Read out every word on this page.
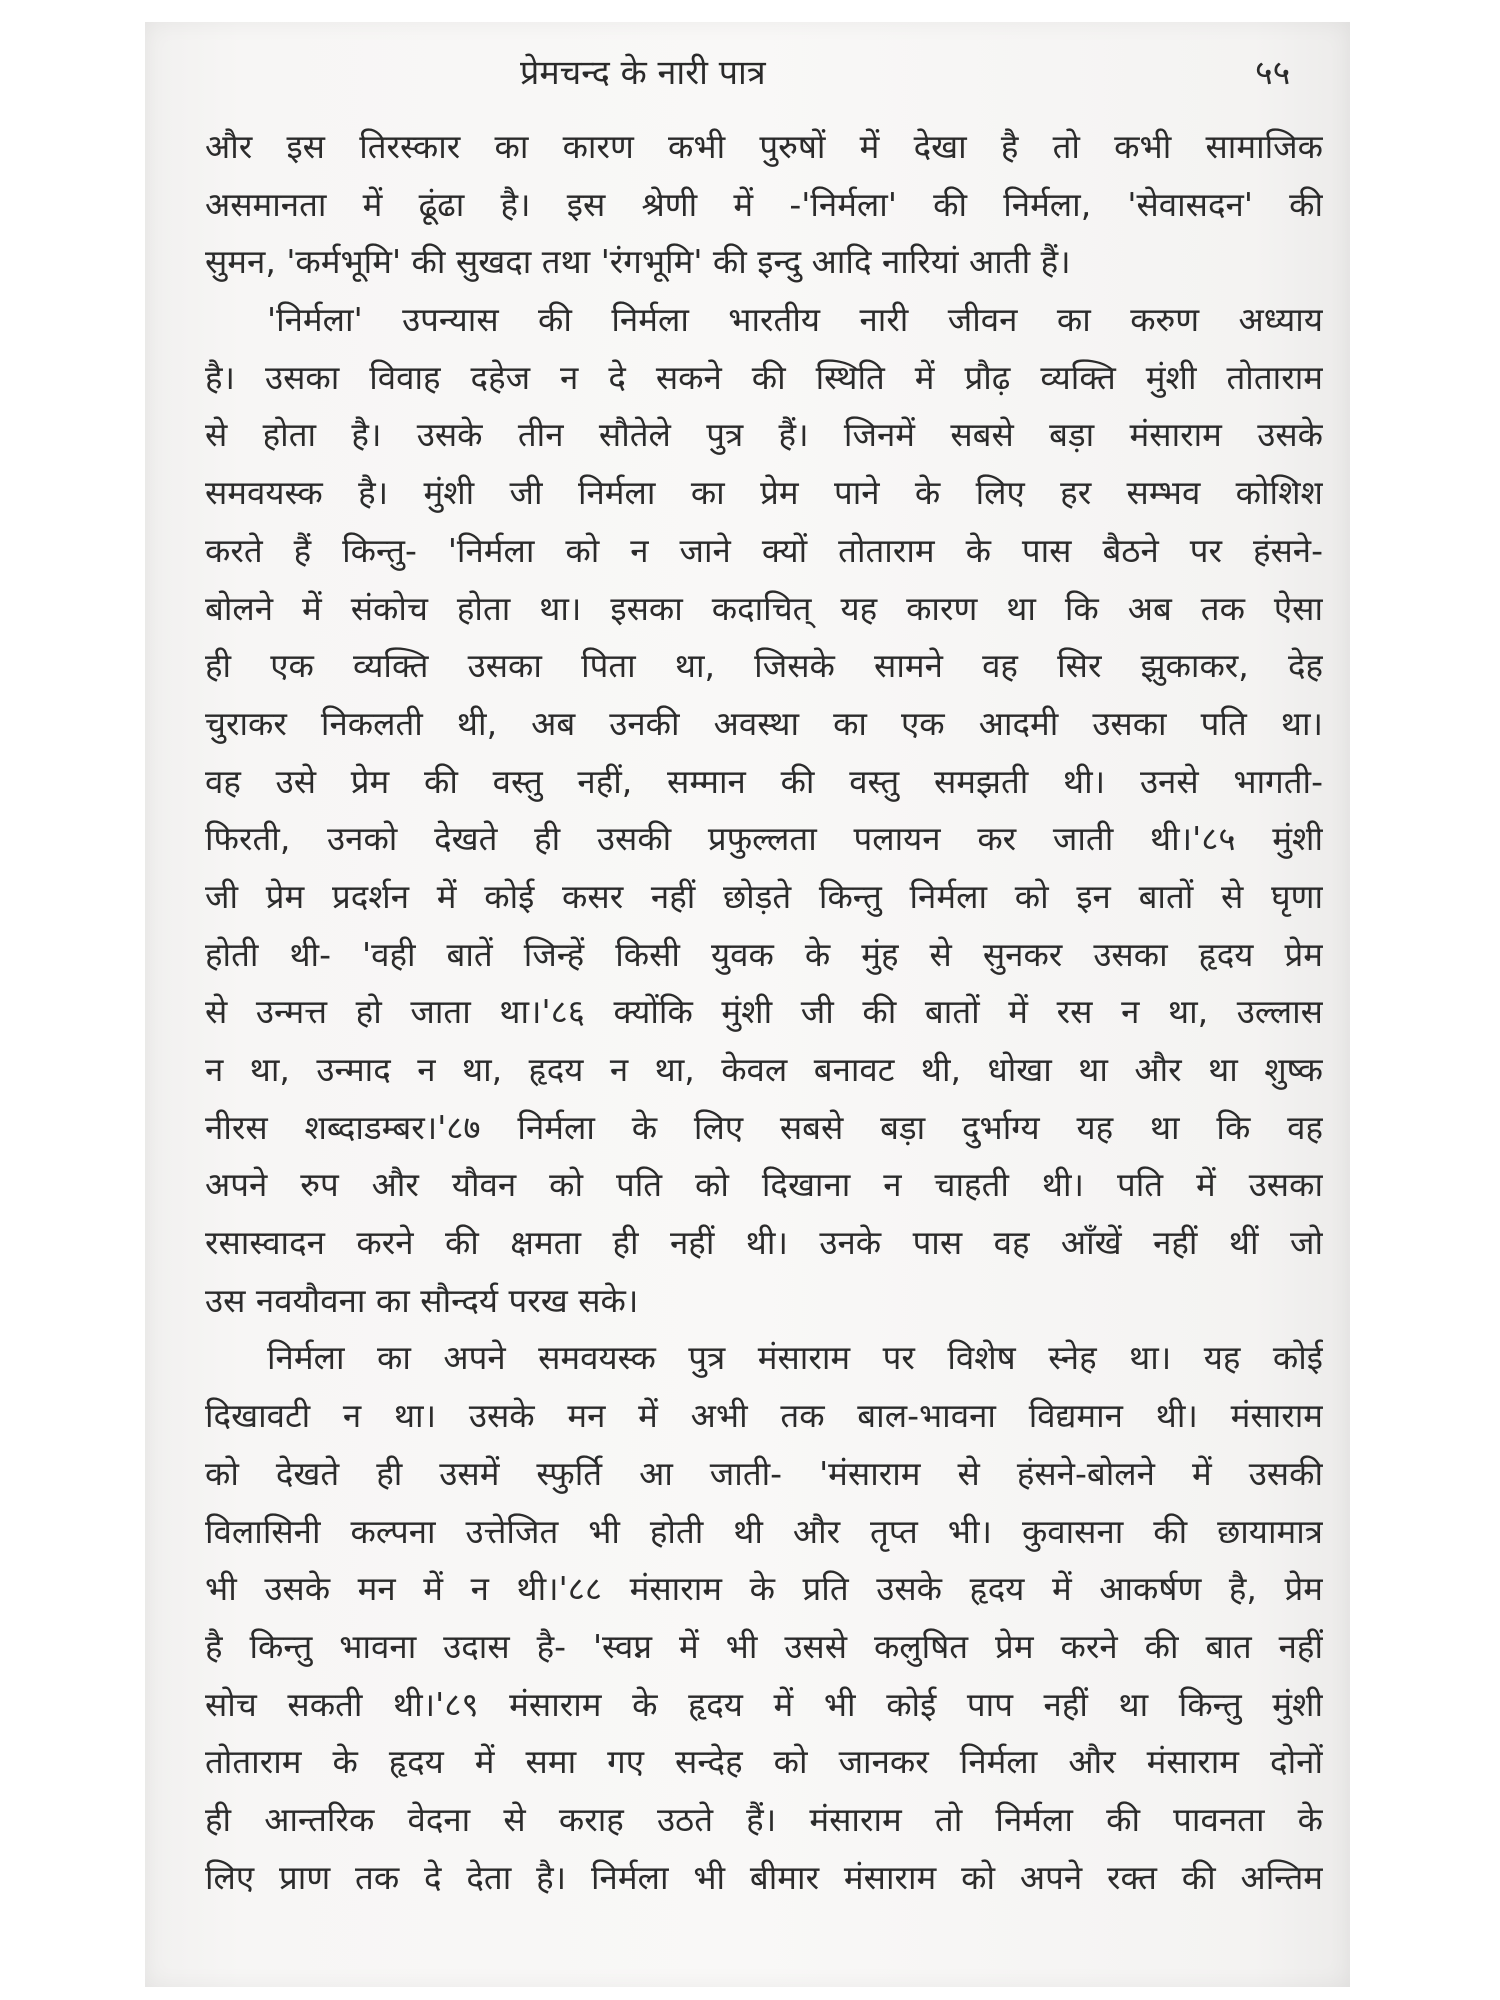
प्रेमचन्द के नारी पात्र	५५
और इस तिरस्कार का कारण कभी पुरुषों में देखा है तो कभी सामाजिक
असमानता में ढूंढा है। इस श्रेणी में -'निर्मला' की निर्मला, 'सेवासदन' की
सुमन, 'कर्मभूमि' की सुखदा तथा 'रंगभूमि' की इन्दु आदि नारियां आती हैं।
'निर्मला' उपन्यास की निर्मला भारतीय नारी जीवन का करुण अध्याय
है। उसका विवाह दहेज न दे सकने की स्थिति में प्रौढ़ व्यक्ति मुंशी तोताराम
से होता है। उसके तीन सौतेले पुत्र हैं। जिनमें सबसे बड़ा मंसाराम उसके
समवयस्क है। मुंशी जी निर्मला का प्रेम पाने के लिए हर सम्भव कोशिश
करते हैं किन्तु- 'निर्मला को न जाने क्यों तोताराम के पास बैठने पर हंसने-
बोलने में संकोच होता था। इसका कदाचित् यह कारण था कि अब तक ऐसा
ही एक व्यक्ति उसका पिता था, जिसके सामने वह सिर झुकाकर, देह
चुराकर निकलती थी, अब उनकी अवस्था का एक आदमी उसका पति था।
वह उसे प्रेम की वस्तु नहीं, सम्मान की वस्तु समझती थी। उनसे भागती-
फिरती, उनको देखते ही उसकी प्रफुल्लता पलायन कर जाती थी।'८५ मुंशी
जी प्रेम प्रदर्शन में कोई कसर नहीं छोड़ते किन्तु निर्मला को इन बातों से घृणा
होती थी- 'वही बातें जिन्हें किसी युवक के मुंह से सुनकर उसका हृदय प्रेम
से उन्मत्त हो जाता था।'८६ क्योंकि मुंशी जी की बातों में रस न था, उल्लास
न था, उन्माद न था, हृदय न था, केवल बनावट थी, धोखा था और था शुष्क
नीरस शब्दाडम्बर।'८७ निर्मला के लिए सबसे बड़ा दुर्भाग्य यह था कि वह
अपने रुप और यौवन को पति को दिखाना न चाहती थी। पति में उसका
रसास्वादन करने की क्षमता ही नहीं थी। उनके पास वह आँखें नहीं थीं जो
उस नवयौवना का सौन्दर्य परख सके।
निर्मला का अपने समवयस्क पुत्र मंसाराम पर विशेष स्नेह था। यह कोई
दिखावटी न था। उसके मन में अभी तक बाल-भावना विद्यमान थी। मंसाराम
को देखते ही उसमें स्फुर्ति आ जाती- 'मंसाराम से हंसने-बोलने में उसकी
विलासिनी कल्पना उत्तेजित भी होती थी और तृप्त भी। कुवासना की छायामात्र
भी उसके मन में न थी।'८८ मंसाराम के प्रति उसके हृदय में आकर्षण है, प्रेम
है किन्तु भावना उदास है- 'स्वप्न में भी उससे कलुषित प्रेम करने की बात नहीं
सोच सकती थी।'८९ मंसाराम के हृदय में भी कोई पाप नहीं था किन्तु मुंशी
तोताराम के हृदय में समा गए सन्देह को जानकर निर्मला और मंसाराम दोनों
ही आन्तरिक वेदना से कराह उठते हैं। मंसाराम तो निर्मला की पावनता के
लिए प्राण तक दे देता है। निर्मला भी बीमार मंसाराम को अपने रक्त की अन्तिम
